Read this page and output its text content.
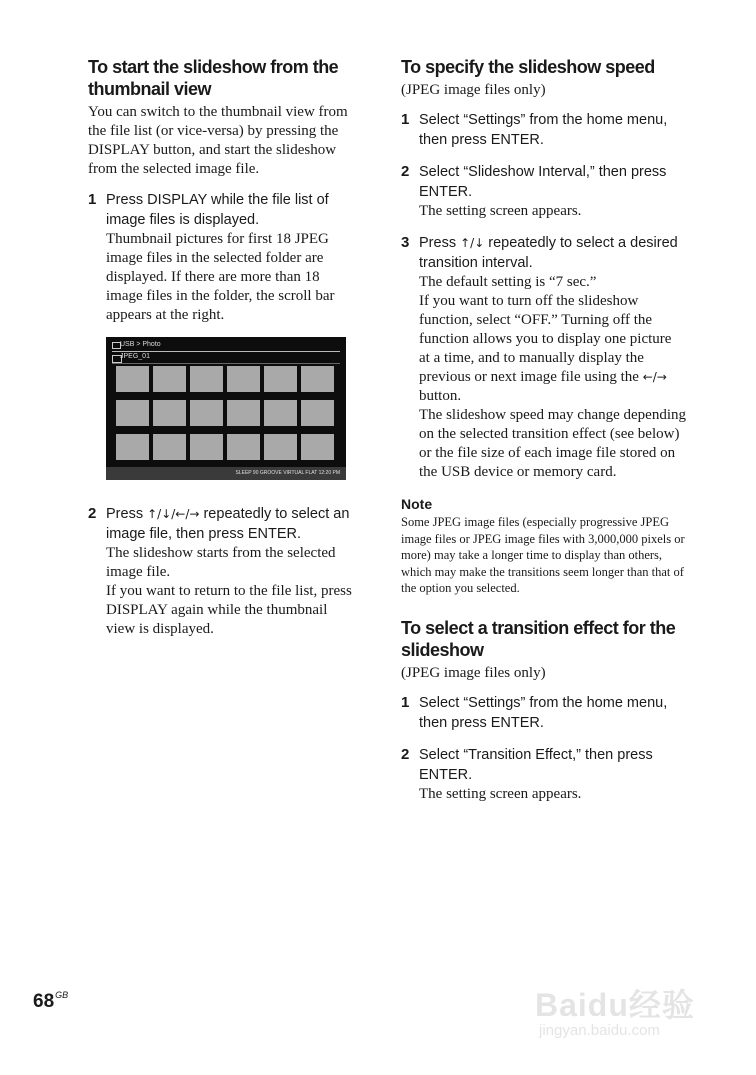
To start the slideshow from the thumbnail view

You can switch to the thumbnail view from the file list (or vice-versa) by pressing the DISPLAY button, and start the slideshow from the selected image file.

1 Press DISPLAY while the file list of image files is displayed.
Thumbnail pictures for first 18 JPEG image files in the selected folder are displayed. If there are more than 18 image files in the folder, the scroll bar appears at the right.
USB > Photo
JPEG_01
SLEEP 90 GROOVE VIRTUAL FLAT 12:20 PM
2 Press ↑/↓/←/→ repeatedly to select an image file, then press ENTER.
The slideshow starts from the selected image file.
If you want to return to the file list, press DISPLAY again while the thumbnail view is displayed.
To specify the slideshow speed

(JPEG image files only)

1 Select “Settings” from the home menu, then press ENTER.
2 Select “Slideshow Interval,” then press ENTER.
The setting screen appears.
3 Press ↑/↓ repeatedly to select a desired transition interval.
The default setting is “7 sec.”
If you want to turn off the slideshow function, select “OFF.” Turning off the function allows you to display one picture at a time, and to manually display the previous or next image file using the ←/→ button.
The slideshow speed may change depending on the selected transition effect (see below) or the file size of each image file stored on the USB device or memory card.
Note

Some JPEG image files (especially progressive JPEG image files or JPEG image files with 3,000,000 pixels or more) may take a longer time to display than others, which may make the transitions seem longer than that of the option you selected.

To select a transition effect for the slideshow

(JPEG image files only)

1 Select “Settings” from the home menu, then press ENTER.
2 Select “Transition Effect,” then press ENTER.
The setting screen appears.
$68^{GB}$	Baidu经验
jingyan.baidu.com
